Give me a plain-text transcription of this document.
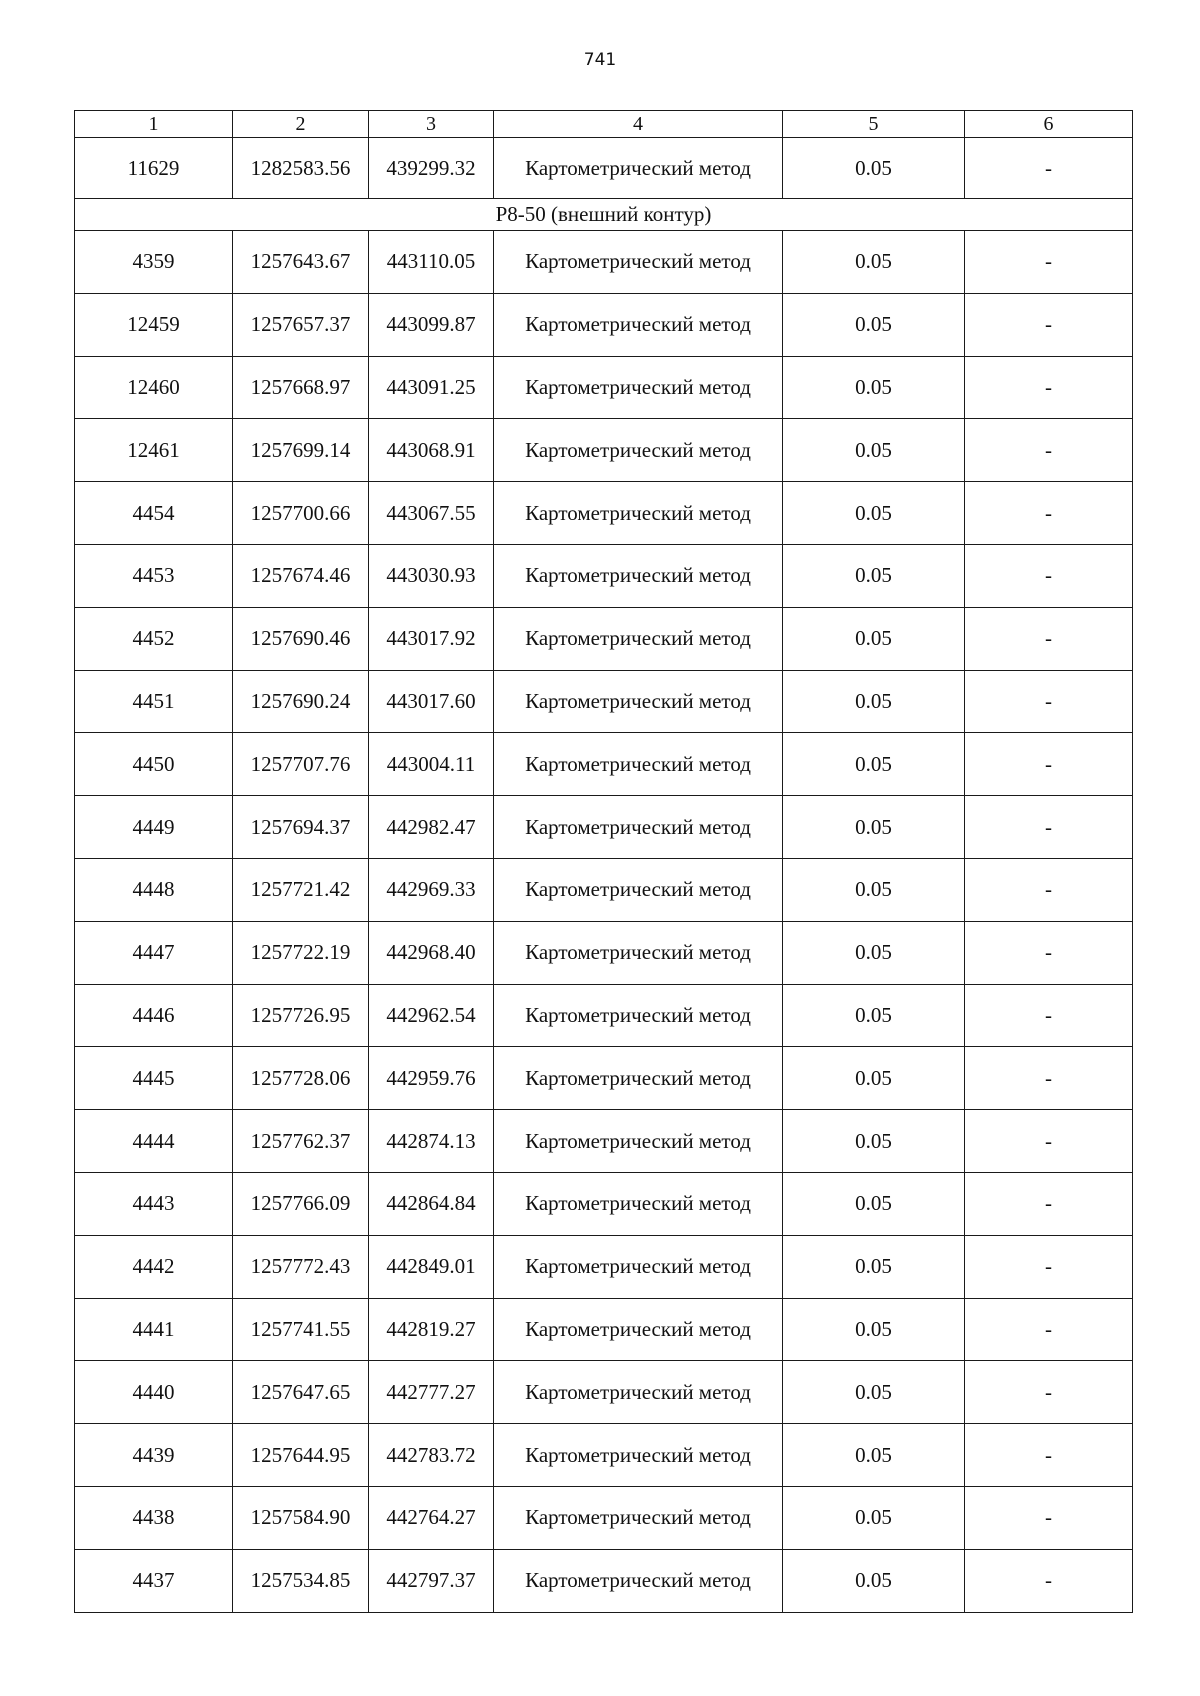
741
1	2	3	4	5	6
11629	1282583.56	439299.32	Картометрический метод	0.05	-
Р8-50 (внешний контур)					
4359	1257643.67	443110.05	Картометрический метод	0.05	-
12459	1257657.37	443099.87	Картометрический метод	0.05	-
12460	1257668.97	443091.25	Картометрический метод	0.05	-
12461	1257699.14	443068.91	Картометрический метод	0.05	-
4454	1257700.66	443067.55	Картометрический метод	0.05	-
4453	1257674.46	443030.93	Картометрический метод	0.05	-
4452	1257690.46	443017.92	Картометрический метод	0.05	-
4451	1257690.24	443017.60	Картометрический метод	0.05	-
4450	1257707.76	443004.11	Картометрический метод	0.05	-
4449	1257694.37	442982.47	Картометрический метод	0.05	-
4448	1257721.42	442969.33	Картометрический метод	0.05	-
4447	1257722.19	442968.40	Картометрический метод	0.05	-
4446	1257726.95	442962.54	Картометрический метод	0.05	-
4445	1257728.06	442959.76	Картометрический метод	0.05	-
4444	1257762.37	442874.13	Картометрический метод	0.05	-
4443	1257766.09	442864.84	Картометрический метод	0.05	-
4442	1257772.43	442849.01	Картометрический метод	0.05	-
4441	1257741.55	442819.27	Картометрический метод	0.05	-
4440	1257647.65	442777.27	Картометрический метод	0.05	-
4439	1257644.95	442783.72	Картометрический метод	0.05	-
4438	1257584.90	442764.27	Картометрический метод	0.05	-
4437	1257534.85	442797.37	Картометрический метод	0.05	-
